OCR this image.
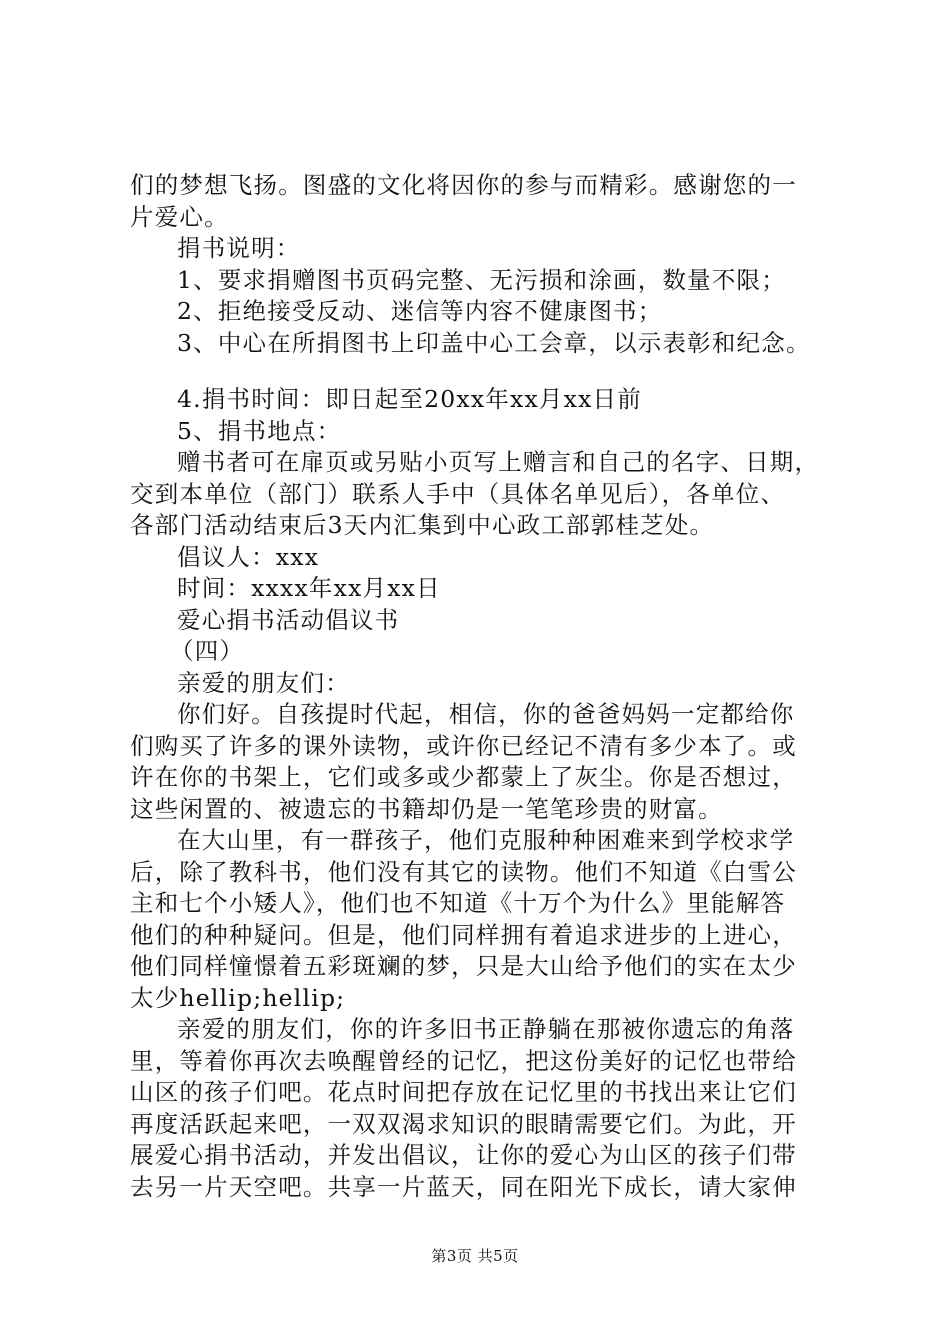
们的梦想飞扬。图盛的文化将因你的参与而精彩。感谢您的一
片爱心。
捐书说明：
1、要求捐赠图书页码完整、无污损和涂画，数量不限；
2、拒绝接受反动、迷信等内容不健康图书；
3、中心在所捐图书上印盖中心工会章，以示表彰和纪念。
4.捐书时间：即日起至20xx年xx月xx日前
5、捐书地点：
赠书者可在扉页或另贴小页写上赠言和自己的名字、日期，
交到本单位（部门）联系人手中（具体名单见后），各单位、
各部门活动结束后3天内汇集到中心政工部郭桂芝处。
倡议人：xxx
时间：xxxx年xx月xx日
爱心捐书活动倡议书
（四）
亲爱的朋友们：
你们好。自孩提时代起，相信，你的爸爸妈妈一定都给你
们购买了许多的课外读物，或许你已经记不清有多少本了。或
许在你的书架上，它们或多或少都蒙上了灰尘。你是否想过，
这些闲置的、被遗忘的书籍却仍是一笔笔珍贵的财富。
在大山里，有一群孩子，他们克服种种困难来到学校求学
后，除了教科书，他们没有其它的读物。他们不知道《白雪公
主和七个小矮人》，他们也不知道《十万个为什么》里能解答
他们的种种疑问。但是，他们同样拥有着追求进步的上进心，
他们同样憧憬着五彩斑斓的梦，只是大山给予他们的实在太少
太少hellip;hellip;
亲爱的朋友们，你的许多旧书正静躺在那被你遗忘的角落
里，等着你再次去唤醒曾经的记忆，把这份美好的记忆也带给
山区的孩子们吧。花点时间把存放在记忆里的书找出来让它们
再度活跃起来吧，一双双渴求知识的眼睛需要它们。为此，开
展爱心捐书活动，并发出倡议，让你的爱心为山区的孩子们带
去另一片天空吧。共享一片蓝天，同在阳光下成长，请大家伸
第3页 共5页
